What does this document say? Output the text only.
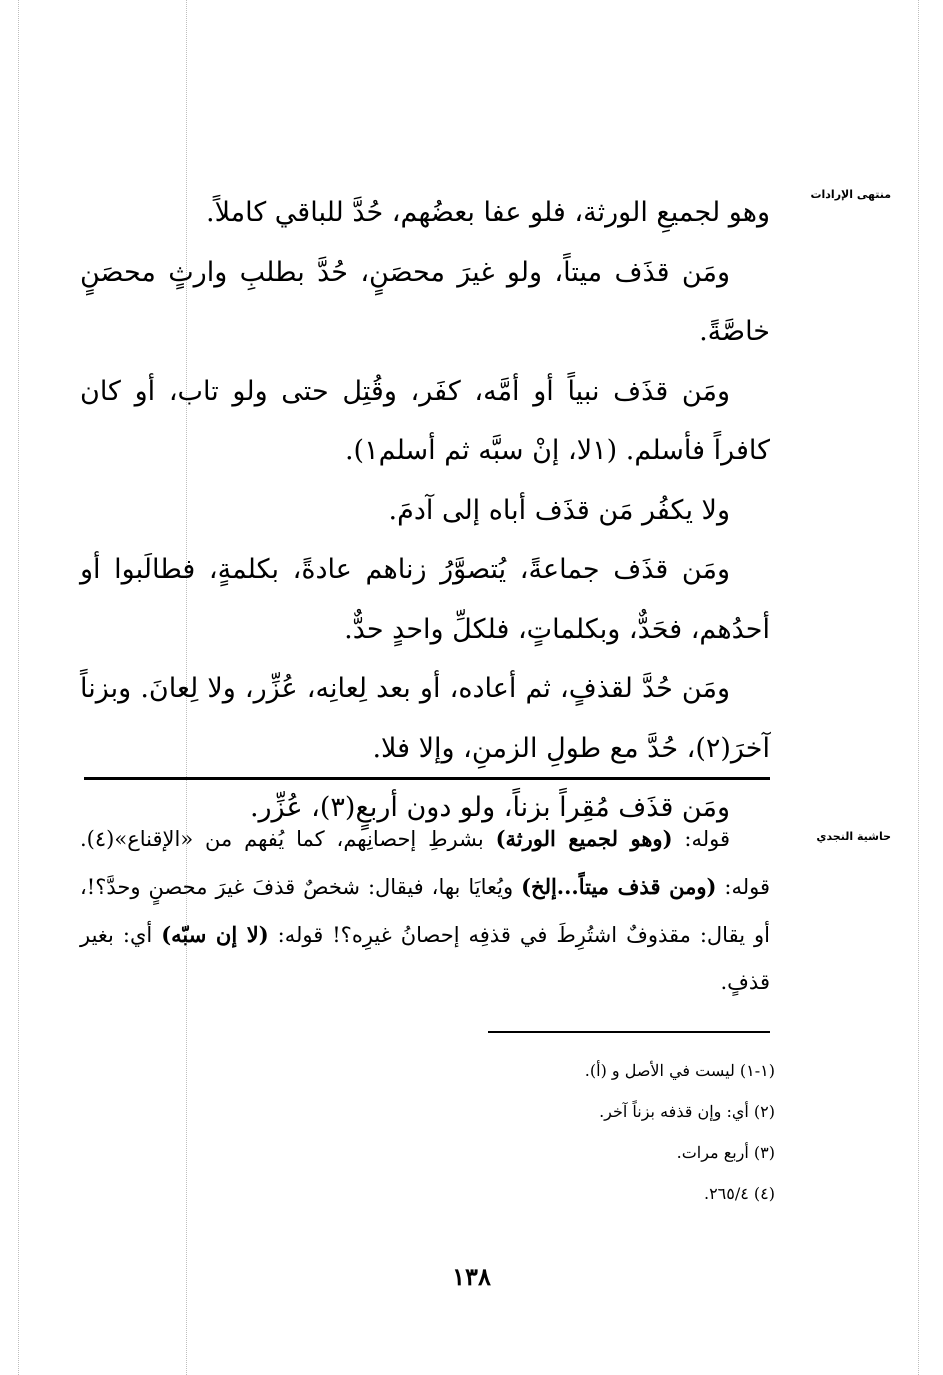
منتهى الإرادات

وهو لجميعِ الورثة، فلو عفا بعضُهم، حُدَّ للباقي كاملاً.

ومَن قذَف ميتاً، ولو غيرَ محصَنٍ، حُدَّ بطلبِ وارثٍ محصَنٍ خاصَّةً.

ومَن قذَف نبياً أو أمَّه، كفَر، وقُتِل حتى ولو تاب، أو كان كافراً فأسلم. (١لا، إنْ سبَّه ثم أسلم١).

ولا يكفُر مَن قذَف أباه إلى آدمَ.

ومَن قذَف جماعةً، يُتصوَّرُ زناهم عادةً، بكلمةٍ، فطالَبوا أو أحدُهم، فحَدٌّ، وبكلماتٍ، فلكلِّ واحدٍ حدٌّ.

ومَن حُدَّ لقذفٍ، ثم أعاده، أو بعد لِعانِه، عُزِّر، ولا لِعانَ. وبزناً آخرَ(٢)، حُدَّ مع طولِ الزمنِ، وإلا فلا.

ومَن قذَف مُقِراً بزناً، ولو دون أربعٍ(٣)، عُزِّر.

حاشية النجدي

قوله: (وهو لجميع الورثة) بشرطِ إحصانِهم، كما يُفهم من «الإقناع»(٤). قوله: (ومن قذف ميتاً...إلخ) ويُعايَا بها، فيقال: شخصٌ قذفَ غيرَ محصنٍ وحدَّ؟!، أو يقال: مقذوفٌ اشتُرِطَ في قذفِه إحصانُ غيرِه؟! قوله: (لا إن سبّه) أي: بغير قذفٍ.

(١-١) ليست في الأصل و (أ).
(٢) أي: وإن قذفه بزناً آخر.
(٣) أربع مرات.
(٤) ٢٦٥/٤.
١٣٨
